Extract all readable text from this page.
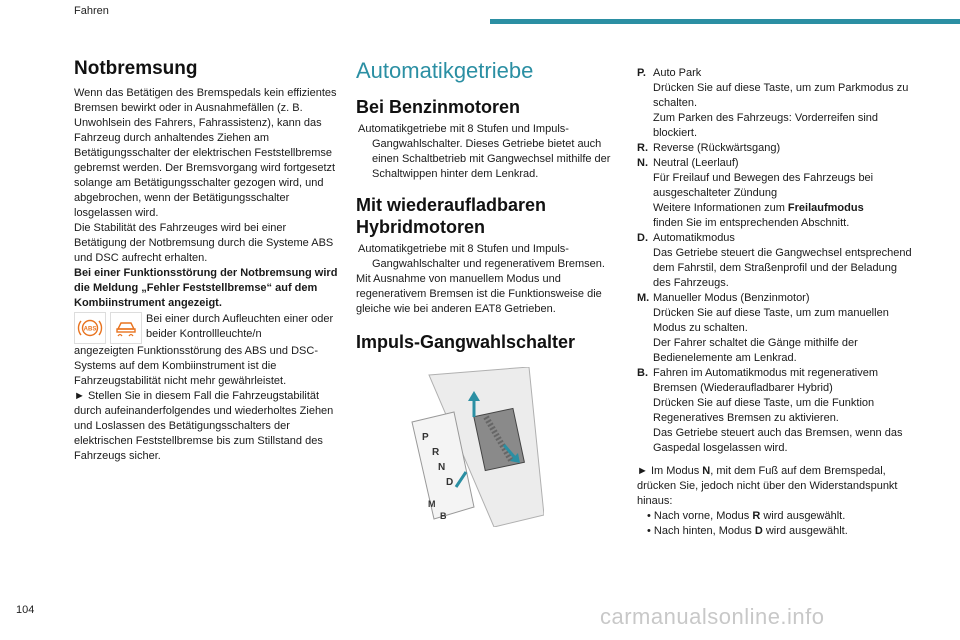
Fahren
Notbremsung

Wenn das Betätigen des Bremspedals kein effizientes Bremsen bewirkt oder in Ausnahmefällen (z. B. Unwohlsein des Fahrers, Fahrassistenz), kann das Fahrzeug durch anhaltendes Ziehen am Betätigungsschalter der elektrischen Feststellbremse gebremst werden. Der Bremsvorgang wird fortgesetzt solange am Betätigungsschalter gezogen wird, und abgebrochen, wenn der Betätigungsschalter losgelassen wird.

Die Stabilität des Fahrzeuges wird bei einer Betätigung der Notbremsung durch die Systeme ABS und DSC aufrecht erhalten.

Bei einer Funktionsstörung der Notbremsung wird die Meldung „Fehler Feststellbremse“ auf dem Kombiinstrument angezeigt.

ABS

Bei einer durch Aufleuchten einer oder beider Kontrollleuchte/n

angezeigten Funktionsstörung des ABS und DSC-Systems auf dem Kombiinstrument ist die Fahrzeugstabilität nicht mehr gewährleistet.

► Stellen Sie in diesem Fall die Fahrzeugstabilität durch aufeinanderfolgendes und wiederholtes Ziehen und Loslassen des Betätigungsschalters der elektrischen Feststellbremse bis zum Stillstand des Fahrzeugs sicher.

Automatikgetriebe
Bei Benzinmotoren

Automatikgetriebe mit 8 Stufen und Impuls-Gangwahlschalter. Dieses Getriebe bietet auch einen Schaltbetrieb mit Gangwechsel mithilfe der Schaltwippen hinter dem Lenkrad.

Mit wiederaufladbaren Hybridmotoren

Automatikgetriebe mit 8 Stufen und Impuls-Gangwahlschalter und regenerativem Bremsen.

Mit Ausnahme von manuellem Modus und regenerativem Bremsen ist die Funktionsweise die gleiche wie bei anderen EAT8 Getrieben.

Impuls-Gangwahlschalter
P
R
N
D
M
B
P. Auto Park

Drücken Sie auf diese Taste, um zum Parkmodus zu schalten.

Zum Parken des Fahrzeugs: Vorderreifen sind blockiert.

R. Reverse (Rückwärtsgang)

N. Neutral (Leerlauf)

Für Freilauf und Bewegen des Fahrzeugs bei ausgeschalteter Zündung

Weitere Informationen zum Freilaufmodus

finden Sie im entsprechenden Abschnitt.

D. Automatikmodus

Das Getriebe steuert die Gangwechsel entsprechend dem Fahrstil, dem Straßenprofil und der Beladung des Fahrzeugs.

M. Manueller Modus (Benzinmotor)

Drücken Sie auf diese Taste, um zum manuellen Modus zu schalten.

Der Fahrer schaltet die Gänge mithilfe der Bedienelemente am Lenkrad.

B. Fahren im Automatikmodus mit regenerativem Bremsen (Wiederaufladbarer Hybrid)

Drücken Sie auf diese Taste, um die Funktion Regeneratives Bremsen zu aktivieren.

Das Getriebe steuert auch das Bremsen, wenn das Gaspedal losgelassen wird.

► Im Modus N, mit dem Fuß auf dem Bremspedal, drücken Sie, jedoch nicht über den Widerstandspunkt hinaus:

• Nach vorne, Modus R wird ausgewählt.

• Nach hinten, Modus D wird ausgewählt.

104	carmanualsonline.info
